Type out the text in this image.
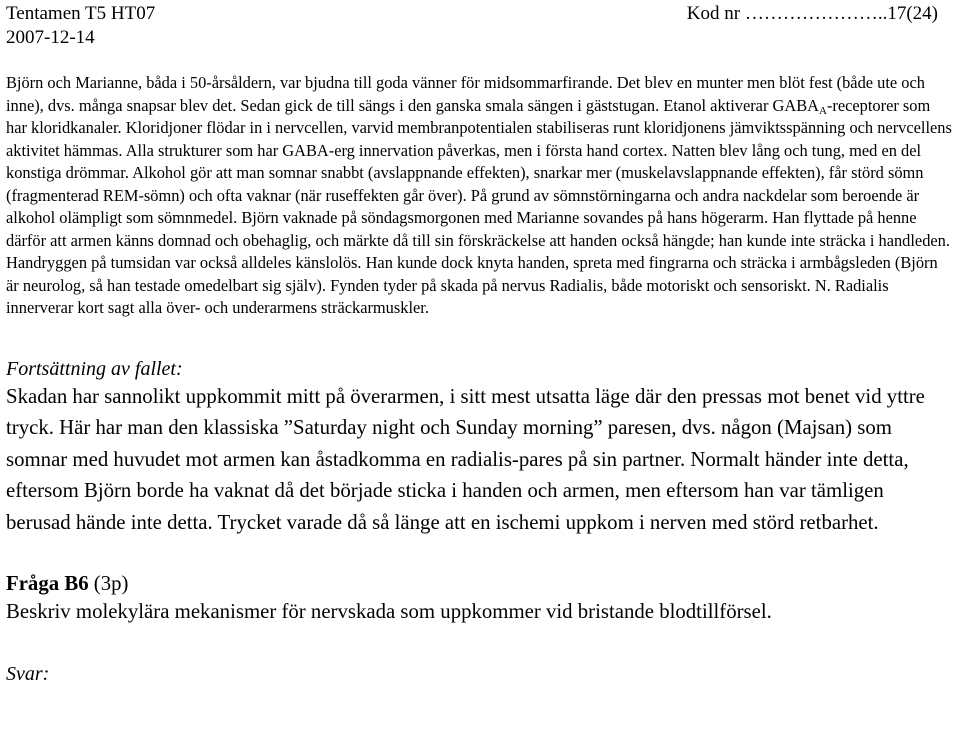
Tentamen T5 HT07	Kod nr …………………..17(24)
2007-12-14
Björn och Marianne, båda i 50-årsåldern, var bjudna till goda vänner för midsommarfirande. Det blev en munter men blöt fest (både ute och inne), dvs. många snapsar blev det. Sedan gick de till sängs i den ganska smala sängen i gäststugan. Etanol aktiverar $GABA_A$-receptorer som har kloridkanaler. Kloridjoner flödar in i nervcellen, varvid membranpotentialen stabiliseras runt kloridjonens jämviktsspänning och nervcellens aktivitet hämmas. Alla strukturer som har GABA-erg innervation påverkas, men i första hand cortex. Natten blev lång och tung, med en del konstiga drömmar. Alkohol gör att man somnar snabbt (avslappnande effekten), snarkar mer (muskelavslappnande effekten), får störd sömn (fragmenterad REM-sömn) och ofta vaknar (när ruseffekten går över). På grund av sömnstörningarna och andra nackdelar som beroende är alkohol olämpligt som sömnmedel. Björn vaknade på söndagsmorgonen med Marianne sovandes på hans högerarm. Han flyttade på henne därför att armen känns domnad och obehaglig, och märkte då till sin förskräckelse att handen också hängde; han kunde inte sträcka i handleden. Handryggen på tumsidan var också alldeles känslolös. Han kunde dock knyta handen, spreta med fingrarna och sträcka i armbågsleden (Björn är neurolog, så han testade omedelbart sig själv). Fynden tyder på skada på nervus Radialis, både motoriskt och sensoriskt. N. Radialis innerverar kort sagt alla över- och underarmens sträckarmuskler.
Fortsättning av fallet:
Skadan har sannolikt uppkommit mitt på överarmen, i sitt mest utsatta läge där den pressas mot benet vid yttre tryck. Här har man den klassiska ”Saturday night och Sunday morning” paresen, dvs. någon (Majsan) som somnar med huvudet mot armen kan åstadkomma en radialis-pares på sin partner. Normalt händer inte detta, eftersom Björn borde ha vaknat då det började sticka i handen och armen, men eftersom han var tämligen berusad hände inte detta. Trycket varade då så länge att en ischemi uppkom i nerven med störd retbarhet.
Fråga B6 (3p)
Beskriv molekylära mekanismer för nervskada som uppkommer vid bristande blodtillförsel.
Svar:
